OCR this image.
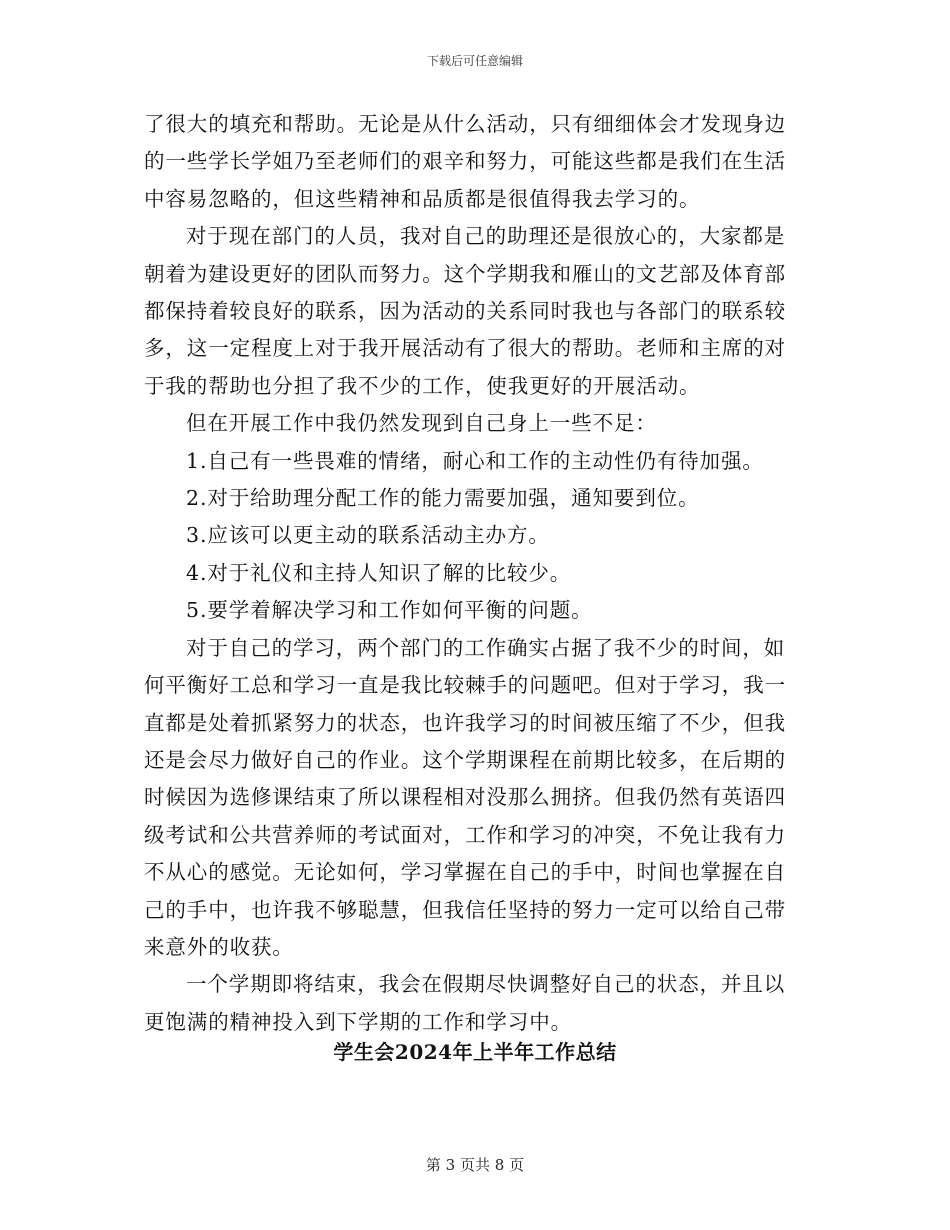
下载后可任意编辑

了很大的填充和帮助。无论是从什么活动，只有细细体会才发现身边

的一些学长学姐乃至老师们的艰辛和努力，可能这些都是我们在生活

中容易忽略的，但这些精神和品质都是很值得我去学习的。

对于现在部门的人员，我对自己的助理还是很放心的，大家都是

朝着为建设更好的团队而努力。这个学期我和雁山的文艺部及体育部

都保持着较良好的联系，因为活动的关系同时我也与各部门的联系较

多，这一定程度上对于我开展活动有了很大的帮助。老师和主席的对

于我的帮助也分担了我不少的工作，使我更好的开展活动。

但在开展工作中我仍然发现到自己身上一些不足：

1.自己有一些畏难的情绪，耐心和工作的主动性仍有待加强。

2.对于给助理分配工作的能力需要加强，通知要到位。

3.应该可以更主动的联系活动主办方。

4.对于礼仪和主持人知识了解的比较少。

5.要学着解决学习和工作如何平衡的问题。

对于自己的学习，两个部门的工作确实占据了我不少的时间，如

何平衡好工总和学习一直是我比较棘手的问题吧。但对于学习，我一

直都是处着抓紧努力的状态，也许我学习的时间被压缩了不少，但我

还是会尽力做好自己的作业。这个学期课程在前期比较多，在后期的

时候因为选修课结束了所以课程相对没那么拥挤。但我仍然有英语四

级考试和公共营养师的考试面对，工作和学习的冲突，不免让我有力

不从心的感觉。无论如何，学习掌握在自己的手中，时间也掌握在自

己的手中，也许我不够聪慧，但我信任坚持的努力一定可以给自己带

来意外的收获。

一个学期即将结束，我会在假期尽快调整好自己的状态，并且以

更饱满的精神投入到下学期的工作和学习中。

学生会2024年上半年工作总结
第 3 页共 8 页
